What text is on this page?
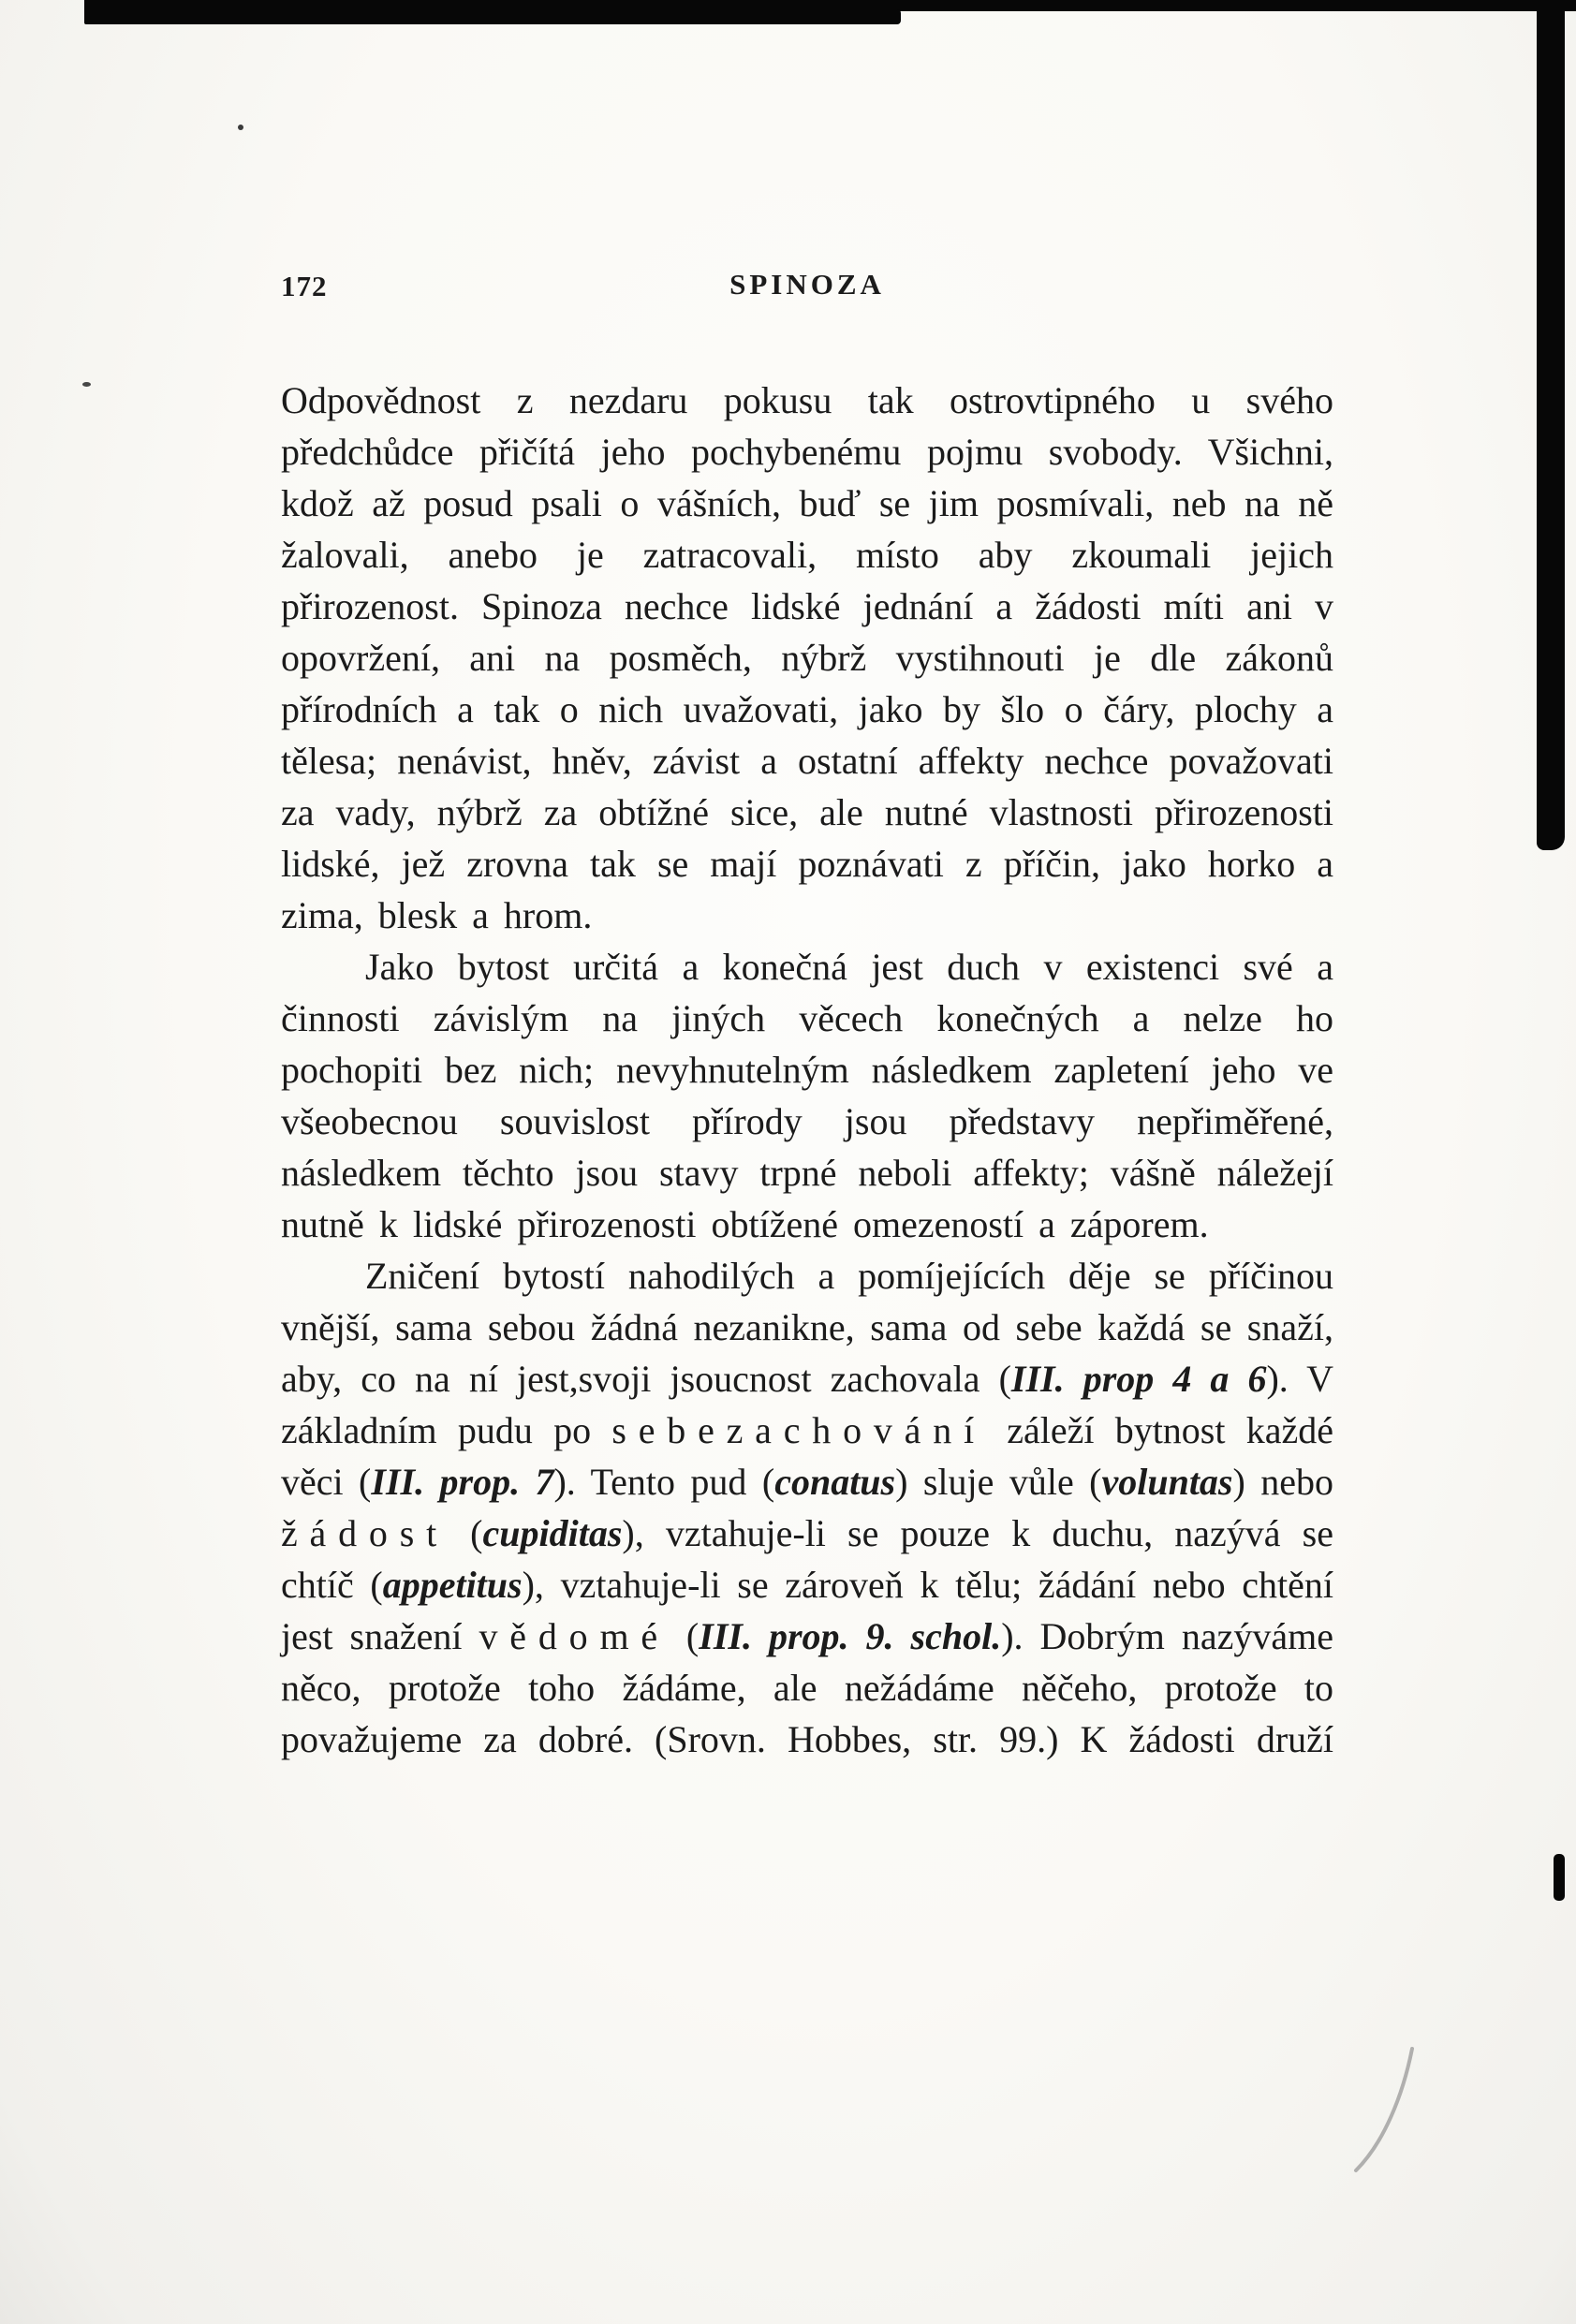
172	SPINOZA

Odpovědnost z nezdaru pokusu tak ostrovtipného u svého předchůdce přičítá jeho pochybenému pojmu svobody. Všichni, kdož až posud psali o vášních, buď se jim posmívali, neb na ně žalovali, anebo je zatracovali, místo aby zkoumali jejich přirozenost. Spinoza nechce lidské jednání a žádosti míti ani v opovržení, ani na posměch, nýbrž vystihnouti je dle zákonů přírodních a tak o nich uvažovati, jako by šlo o čáry, plochy a tělesa; nenávist, hněv, závist a ostatní affekty nechce považovati za vady, nýbrž za obtížné sice, ale nutné vlastnosti přirozenosti lidské, jež zrovna tak se mají poznávati z příčin, jako horko a zima, blesk a hrom.

Jako bytost určitá a konečná jest duch v existenci své a činnosti závislým na jiných věcech konečných a nelze ho pochopiti bez nich; nevyhnutelným následkem zapletení jeho ve všeobecnou souvislost přírody jsou představy nepřiměřené, následkem těchto jsou stavy trpné neboli affekty; vášně náležejí nutně k lidské přirozenosti obtížené omezeností a záporem.

Zničení bytostí nahodilých a pomíjejících děje se příčinou vnější, sama sebou žádná nezanikne, sama od sebe každá se snaží, aby, co na ní jest,svoji jsoucnost zachovala (III. prop 4 a 6). V základním pudu po sebezachování záleží bytnost každé věci (III. prop. 7). Tento pud (conatus) sluje vůle (voluntas) nebo žádost (cupiditas), vztahuje-li se pouze k duchu, nazývá se chtíč (appetitus), vztahuje-li se zároveň k tělu; žádání nebo chtění jest snažení vědomé (III. prop. 9. schol.). Dobrým nazýváme něco, protože toho žádáme, ale nežádáme něčeho, protože to považujeme za dobré. (Srovn. Hobbes, str. 99.) K žádosti druží
